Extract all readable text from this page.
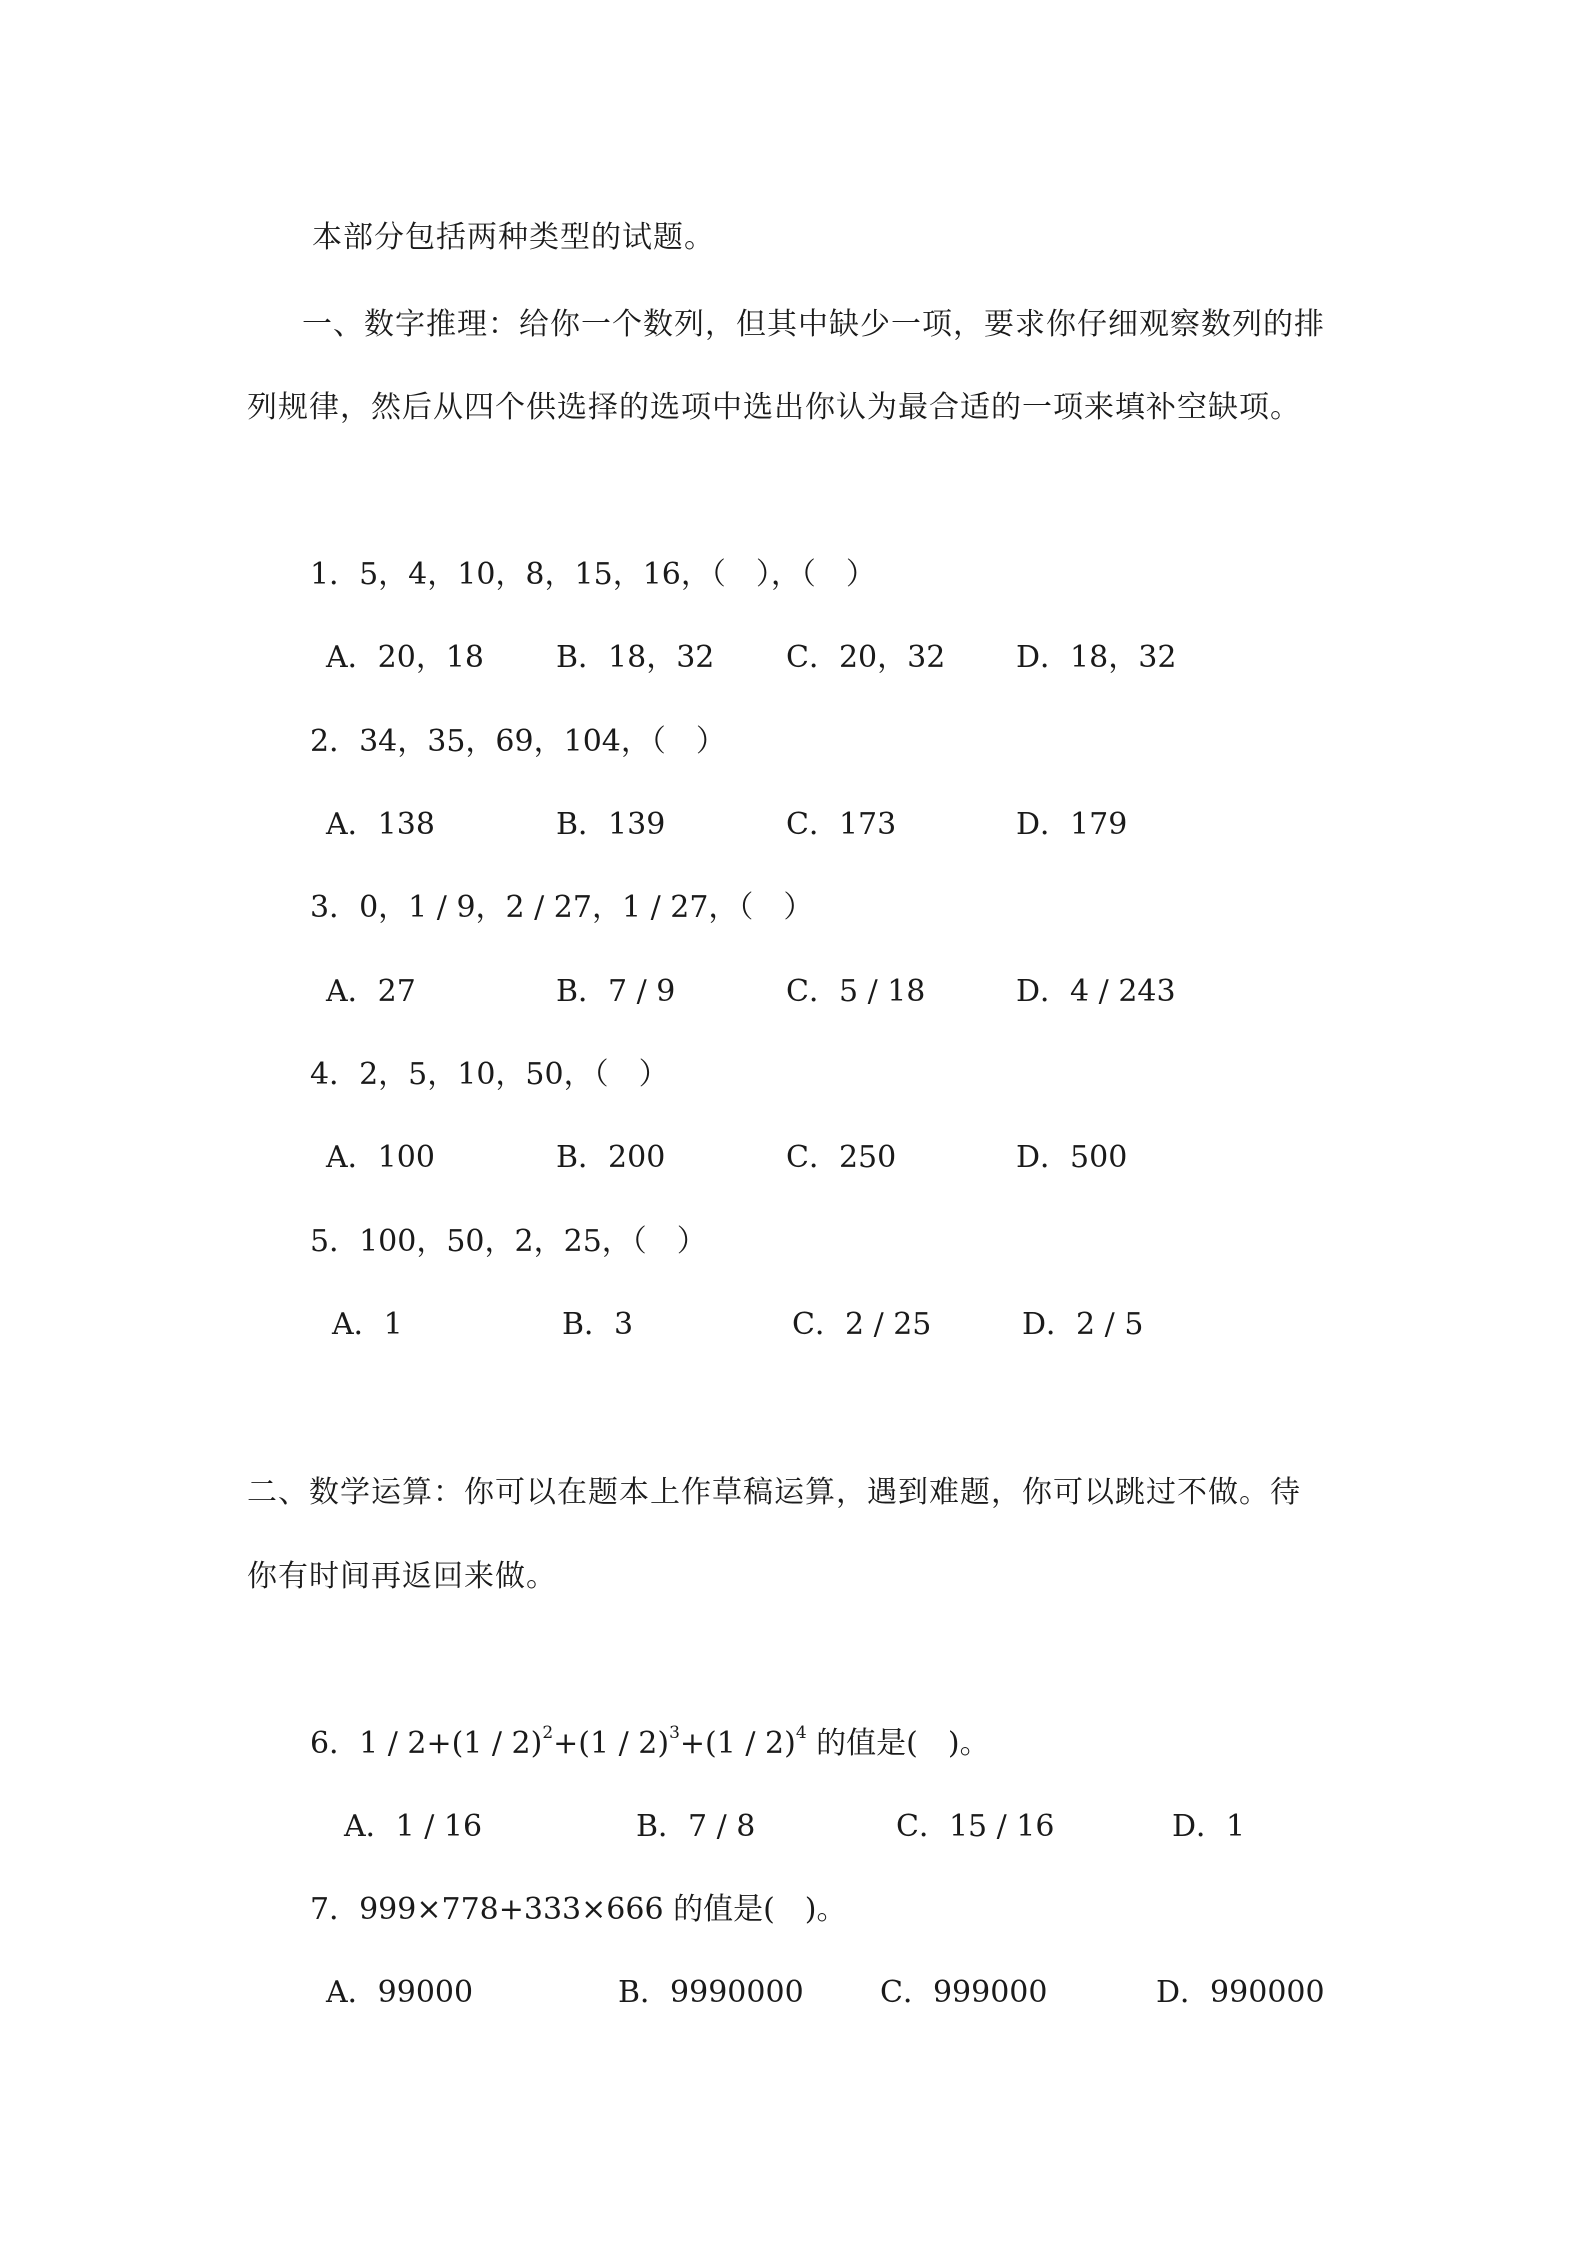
本部分包括两种类型的试题。
一、数字推理：给你一个数列，但其中缺少一项，要求你仔细观察数列的排
列规律，然后从四个供选择的选项中选出你认为最合适的一项来填补空缺项。
1．5，4，10，8，15，16，（　），（　）
A．20，18 B．18，32 C．20，32 D．18，32
2．34，35，69，104，（　）
A．138	B．139	C．173	D．179
3．0，1 / 9，2 / 27，1 / 27，（　）
A．27	B．7 / 9	C．5 / 18	D．4 / 243
4．2，5，10，50，（　）
A．100	B．200	C．250	D．500
5．100，50，2，25，（　）
A．1	B．3	C．2 / 25	D．2 / 5
二、数学运算：你可以在题本上作草稿运算，遇到难题，你可以跳过不做。待
你有时间再返回来做。
6．1 / 2+(1 / 2)$^2$+(1 / 2)$^3$+(1 / 2)$^4$ 的值是(　)。
A．1 / 16	B．7 / 8	C．15 / 16	D．1
7．999×778+333×666 的值是(　)。
A．99000	B．9990000	C．999000	D．990000
